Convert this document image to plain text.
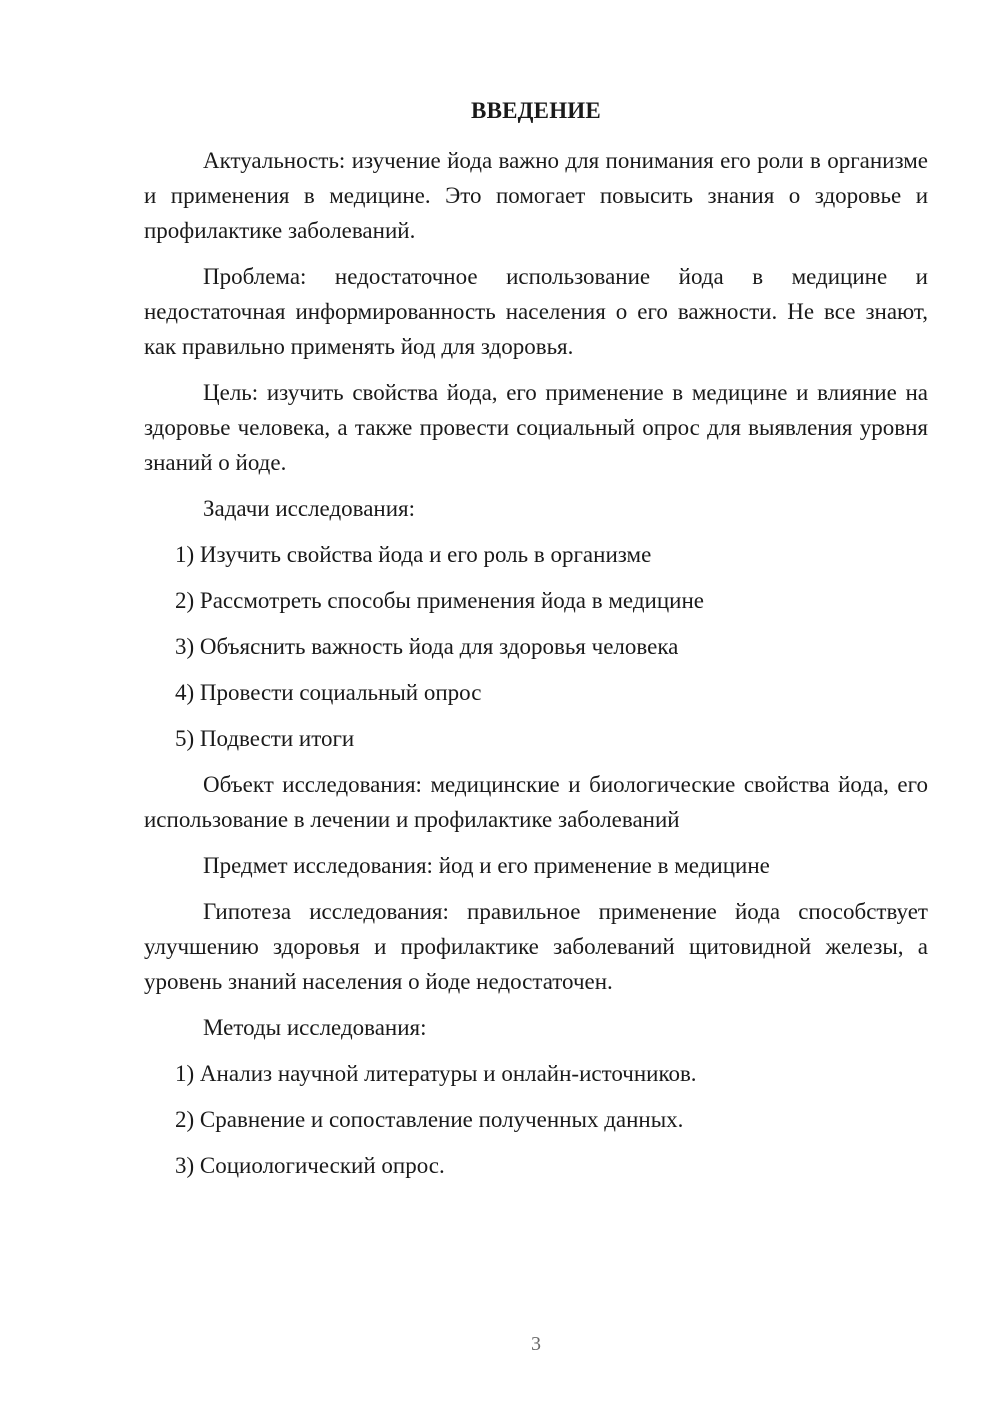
ВВЕДЕНИЕ

Актуальность: изучение йода важно для понимания его роли в организме и применения в медицине. Это помогает повысить знания о здоровье и профилактике заболеваний.

Проблема: недостаточное использование йода в медицине и недостаточная информированность населения о его важности. Не все знают, как правильно применять йод для здоровья.

Цель: изучить свойства йода, его применение в медицине и влияние на здоровье человека, а также провести социальный опрос для выявления уровня знаний о йоде.

Задачи исследования:

1) Изучить свойства йода и его роль в организме

2) Рассмотреть способы применения йода в медицине

3) Объяснить важность йода для здоровья человека

4) Провести социальный опрос

5) Подвести итоги

Объект исследования: медицинские и биологические свойства йода, его использование в лечении и профилактике заболеваний

Предмет исследования: йод и его применение в медицине

Гипотеза исследования: правильное применение йода способствует улучшению здоровья и профилактике заболеваний щитовидной железы, а уровень знаний населения о йоде недостаточен.

Методы исследования:

1) Анализ научной литературы и онлайн-источников.

2) Сравнение и сопоставление полученных данных.

3) Социологический опрос.

3
